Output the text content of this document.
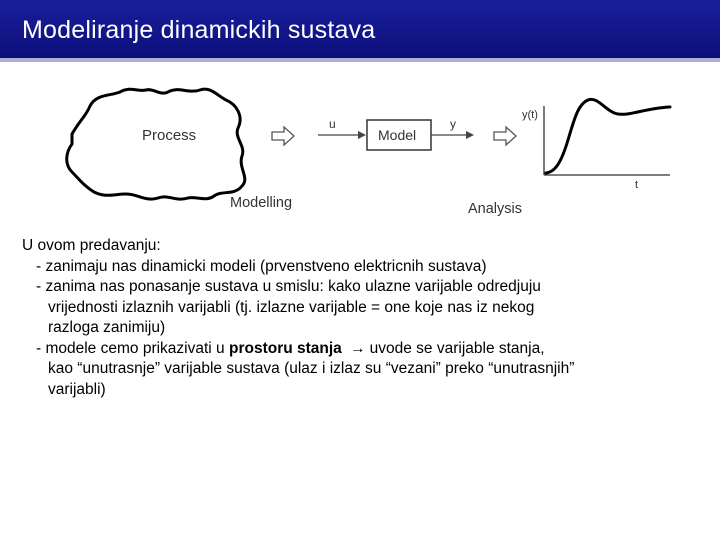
Modeliranje dinamickih sustava
Process
Modelling
u
Model
y
y(t)
t
Analysis
U ovom predavanju:
- zanimaju nas dinamicki modeli (prvenstveno elektricnih sustava)
- zanima nas ponasanje sustava u smislu: kako ulazne varijable odredjuju
vrijednosti izlaznih varijabli (tj. izlazne varijable = one koje nas iz nekog
razloga zanimiju)
- modele cemo prikazivati u prostoru stanja → uvode se varijable stanja,
kao “unutrasnje” varijable sustava (ulaz i izlaz su “vezani” preko “unutrasnjih”
varijabli)
